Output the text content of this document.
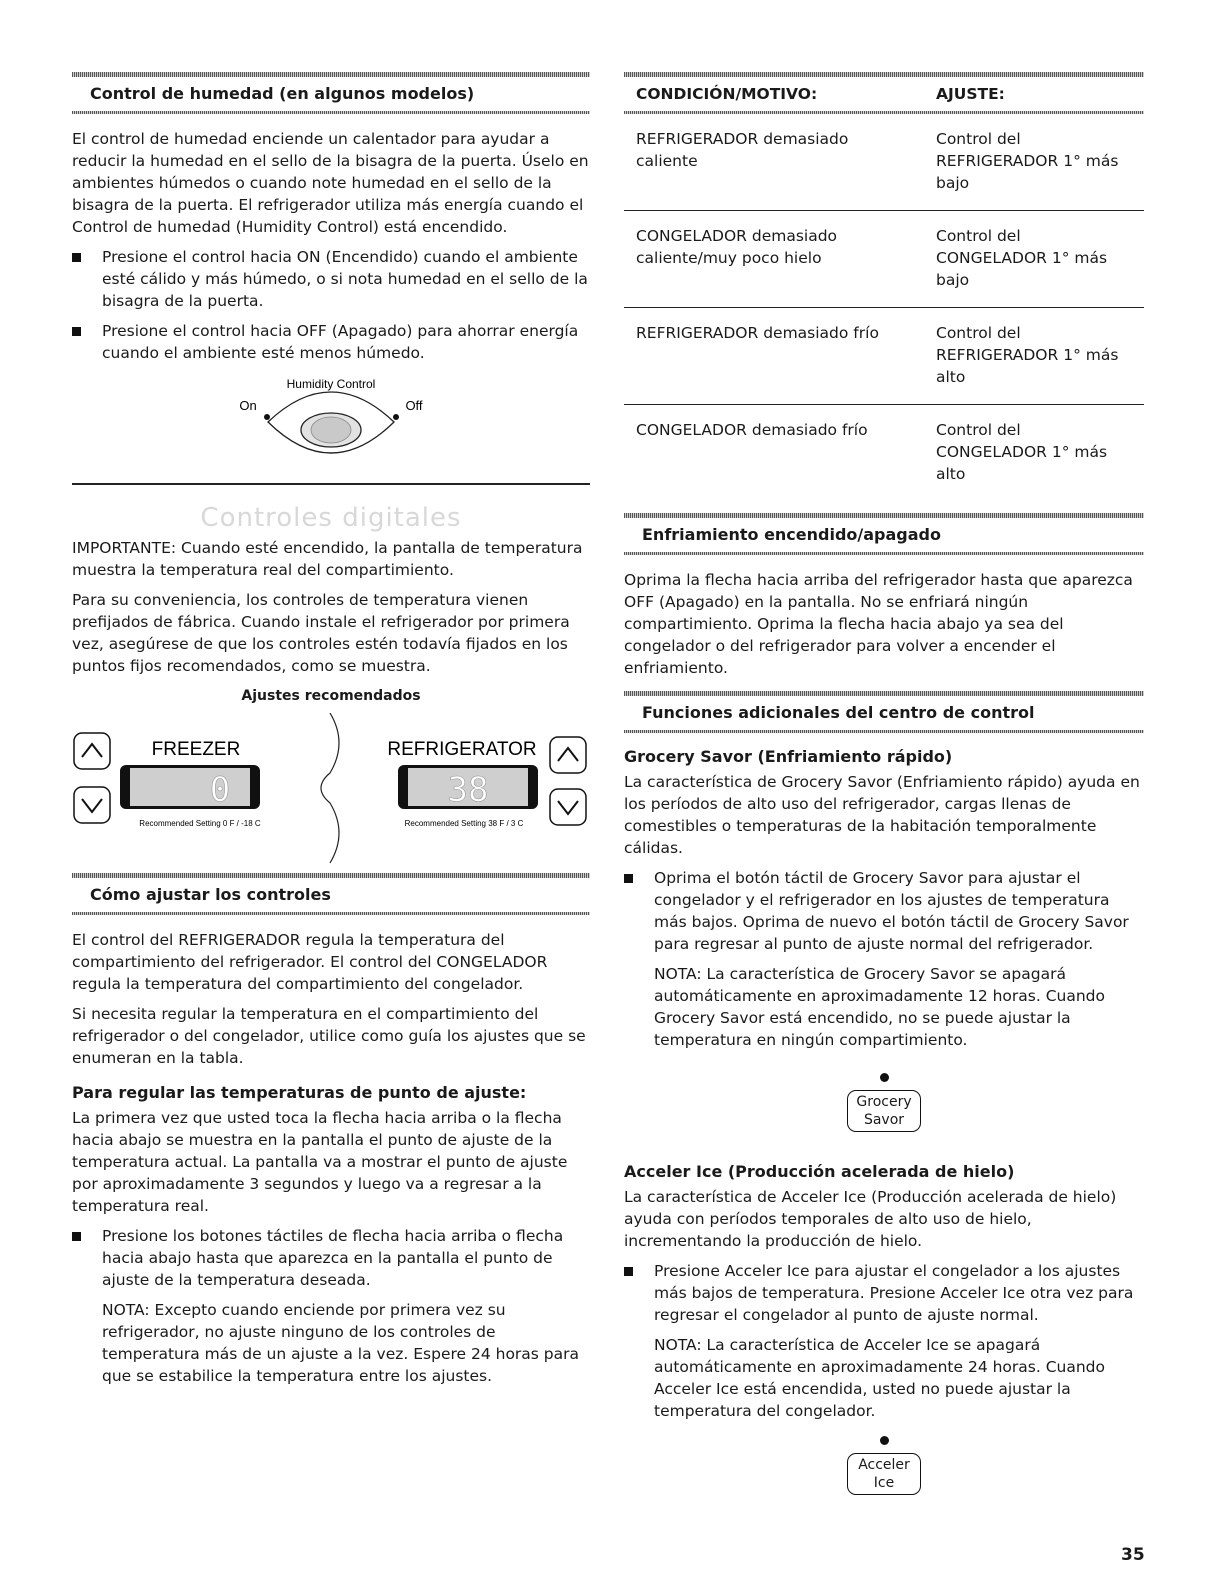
Control de humedad (en algunos modelos)

El control de humedad enciende un calentador para ayudar a reducir la humedad en el sello de la bisagra de la puerta. Úselo en ambientes húmedos o cuando note humedad en el sello de la bisagra de la puerta. El refrigerador utiliza más energía cuando el Control de humedad (Humidity Control) está encendido.

Presione el control hacia ON (Encendido) cuando el ambiente esté cálido y más húmedo, o si nota humedad en el sello de la bisagra de la puerta.
Presione el control hacia OFF (Apagado) para ahorrar energía cuando el ambiente esté menos húmedo.
Humidity Control
On	Off
Controles digitales

IMPORTANTE: Cuando esté encendido, la pantalla de temperatura muestra la temperatura real del compartimiento.

Para su conveniencia, los controles de temperatura vienen prefijados de fábrica. Cuando instale el refrigerador por primera vez, asegúrese de que los controles estén todavía fijados en los puntos fijos recomendados, como se muestra.

Ajustes recomendados
FREEZER
0
Recommended Setting 0 F / -18 C
REFRIGERATOR
38
Recommended Setting 38 F / 3 C
Cómo ajustar los controles

El control del REFRIGERADOR regula la temperatura del compartimiento del refrigerador. El control del CONGELADOR regula la temperatura del compartimiento del congelador.

Si necesita regular la temperatura en el compartimiento del refrigerador o del congelador, utilice como guía los ajustes que se enumeran en la tabla.

Para regular las temperaturas de punto de ajuste:

La primera vez que usted toca la flecha hacia arriba o la flecha hacia abajo se muestra en la pantalla el punto de ajuste de la temperatura actual. La pantalla va a mostrar el punto de ajuste por aproximadamente 3 segundos y luego va a regresar a la temperatura real.

Presione los botones táctiles de flecha hacia arriba o flecha hacia abajo hasta que aparezca en la pantalla el punto de ajuste de la temperatura deseada.
NOTA: Excepto cuando enciende por primera vez su refrigerador, no ajuste ninguno de los controles de temperatura más de un ajuste a la vez. Espere 24 horas para que se estabilice la temperatura entre los ajustes.
CONDICIÓN/MOTIVO:	AJUSTE:

REFRIGERADOR demasiado caliente	Control del REFRIGERADOR 1° más bajo
CONGELADOR demasiado caliente/muy poco hielo	Control del CONGELADOR 1° más bajo
REFRIGERADOR demasiado frío	Control del REFRIGERADOR 1° más alto
CONGELADOR demasiado frío	Control del CONGELADOR 1° más alto
Enfriamiento encendido/apagado

Oprima la flecha hacia arriba del refrigerador hasta que aparezca OFF (Apagado) en la pantalla. No se enfriará ningún compartimiento. Oprima la flecha hacia abajo ya sea del congelador o del refrigerador para volver a encender el enfriamiento.

Funciones adicionales del centro de control
Grocery Savor (Enfriamiento rápido)

La característica de Grocery Savor (Enfriamiento rápido) ayuda en los períodos de alto uso del refrigerador, cargas llenas de comestibles o temperaturas de la habitación temporalmente cálidas.

Oprima el botón táctil de Grocery Savor para ajustar el congelador y el refrigerador en los ajustes de temperatura más bajos. Oprima de nuevo el botón táctil de Grocery Savor para regresar al punto de ajuste normal del refrigerador.
NOTA: La característica de Grocery Savor se apagará automáticamente en aproximadamente 12 horas. Cuando Grocery Savor está encendido, no se puede ajustar la temperatura en ningún compartimiento.
Grocery
Savor
Acceler Ice (Producción acelerada de hielo)

La característica de Acceler Ice (Producción acelerada de hielo) ayuda con períodos temporales de alto uso de hielo, incrementando la producción de hielo.

Presione Acceler Ice para ajustar el congelador a los ajustes más bajos de temperatura. Presione Acceler Ice otra vez para regresar el congelador al punto de ajuste normal.
NOTA: La característica de Acceler Ice se apagará automáticamente en aproximadamente 24 horas. Cuando Acceler Ice está encendida, usted no puede ajustar la temperatura del congelador.
Acceler
Ice
35
